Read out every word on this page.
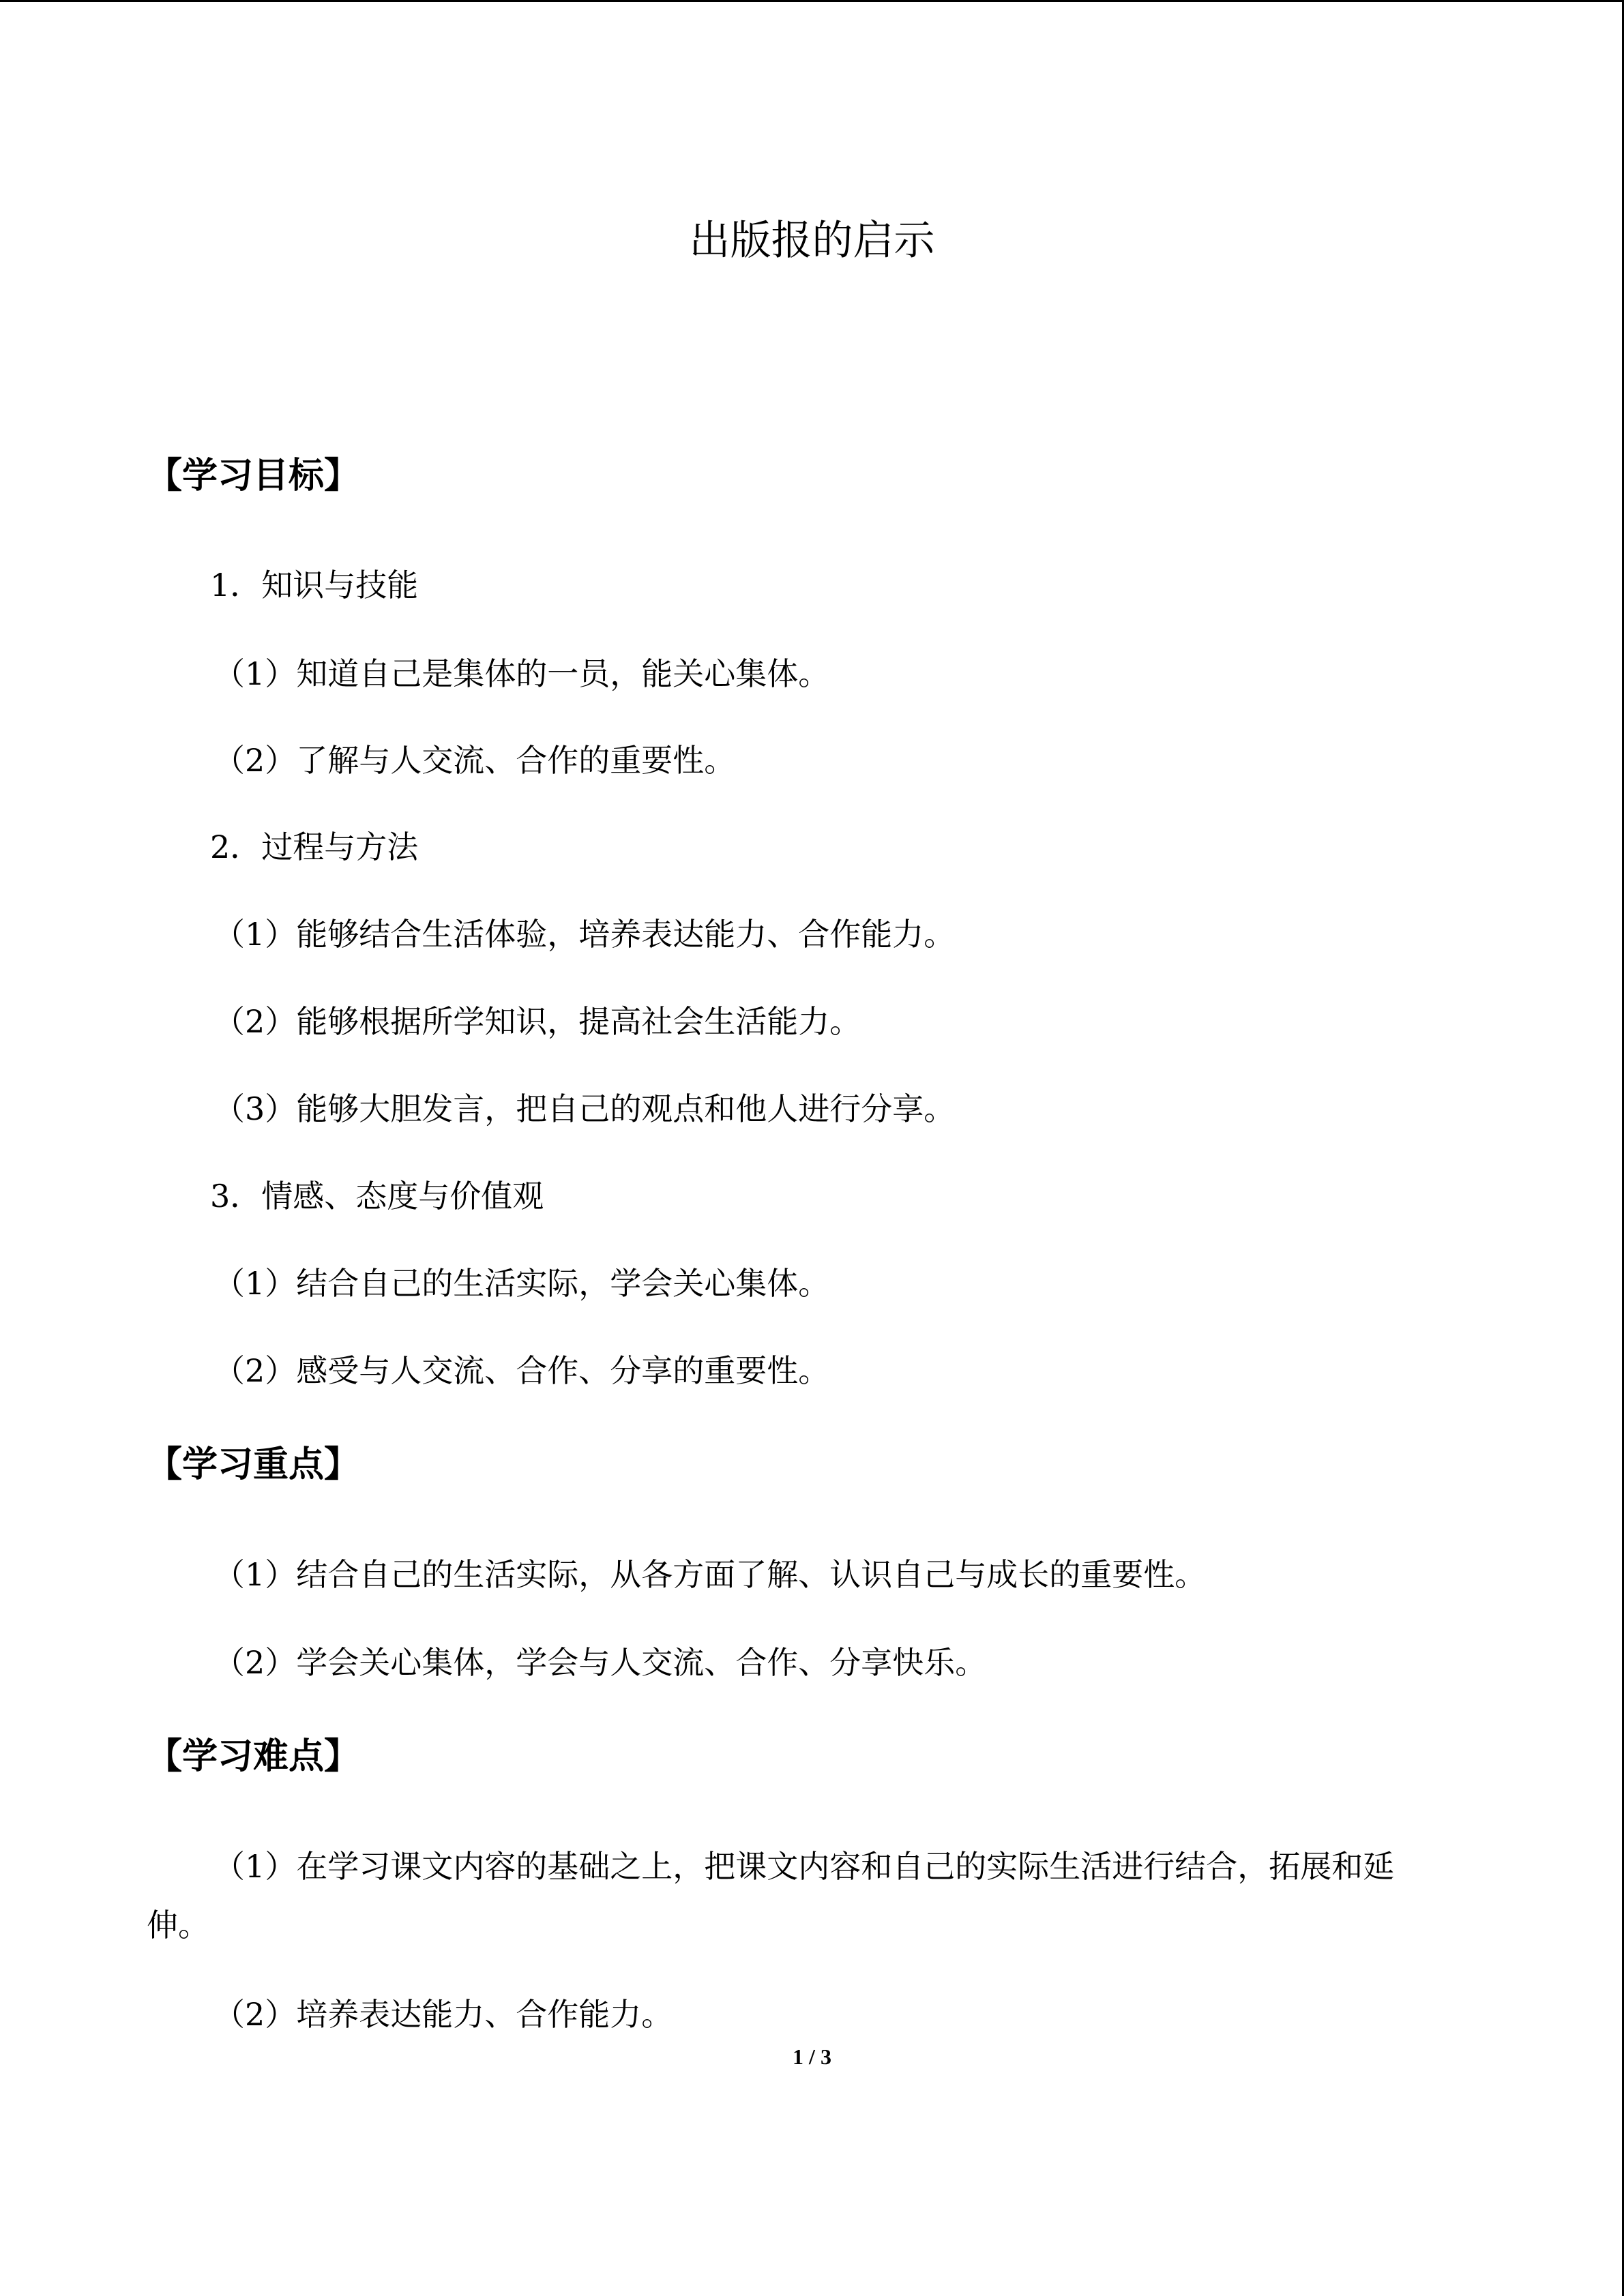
出版报的启示
【学习目标】
1．知识与技能
（1）知道自己是集体的一员，能关心集体。
（2）了解与人交流、合作的重要性。
2．过程与方法
（1）能够结合生活体验，培养表达能力、合作能力。
（2）能够根据所学知识，提高社会生活能力。
（3）能够大胆发言，把自己的观点和他人进行分享。
3．情感、态度与价值观
（1）结合自己的生活实际，学会关心集体。
（2）感受与人交流、合作、分享的重要性。
【学习重点】
（1）结合自己的生活实际，从各方面了解、认识自己与成长的重要性。
（2）学会关心集体，学会与人交流、合作、分享快乐。
【学习难点】
（1）在学习课文内容的基础之上，把课文内容和自己的实际生活进行结合，拓展和延
伸。
（2）培养表达能力、合作能力。
1 / 3
